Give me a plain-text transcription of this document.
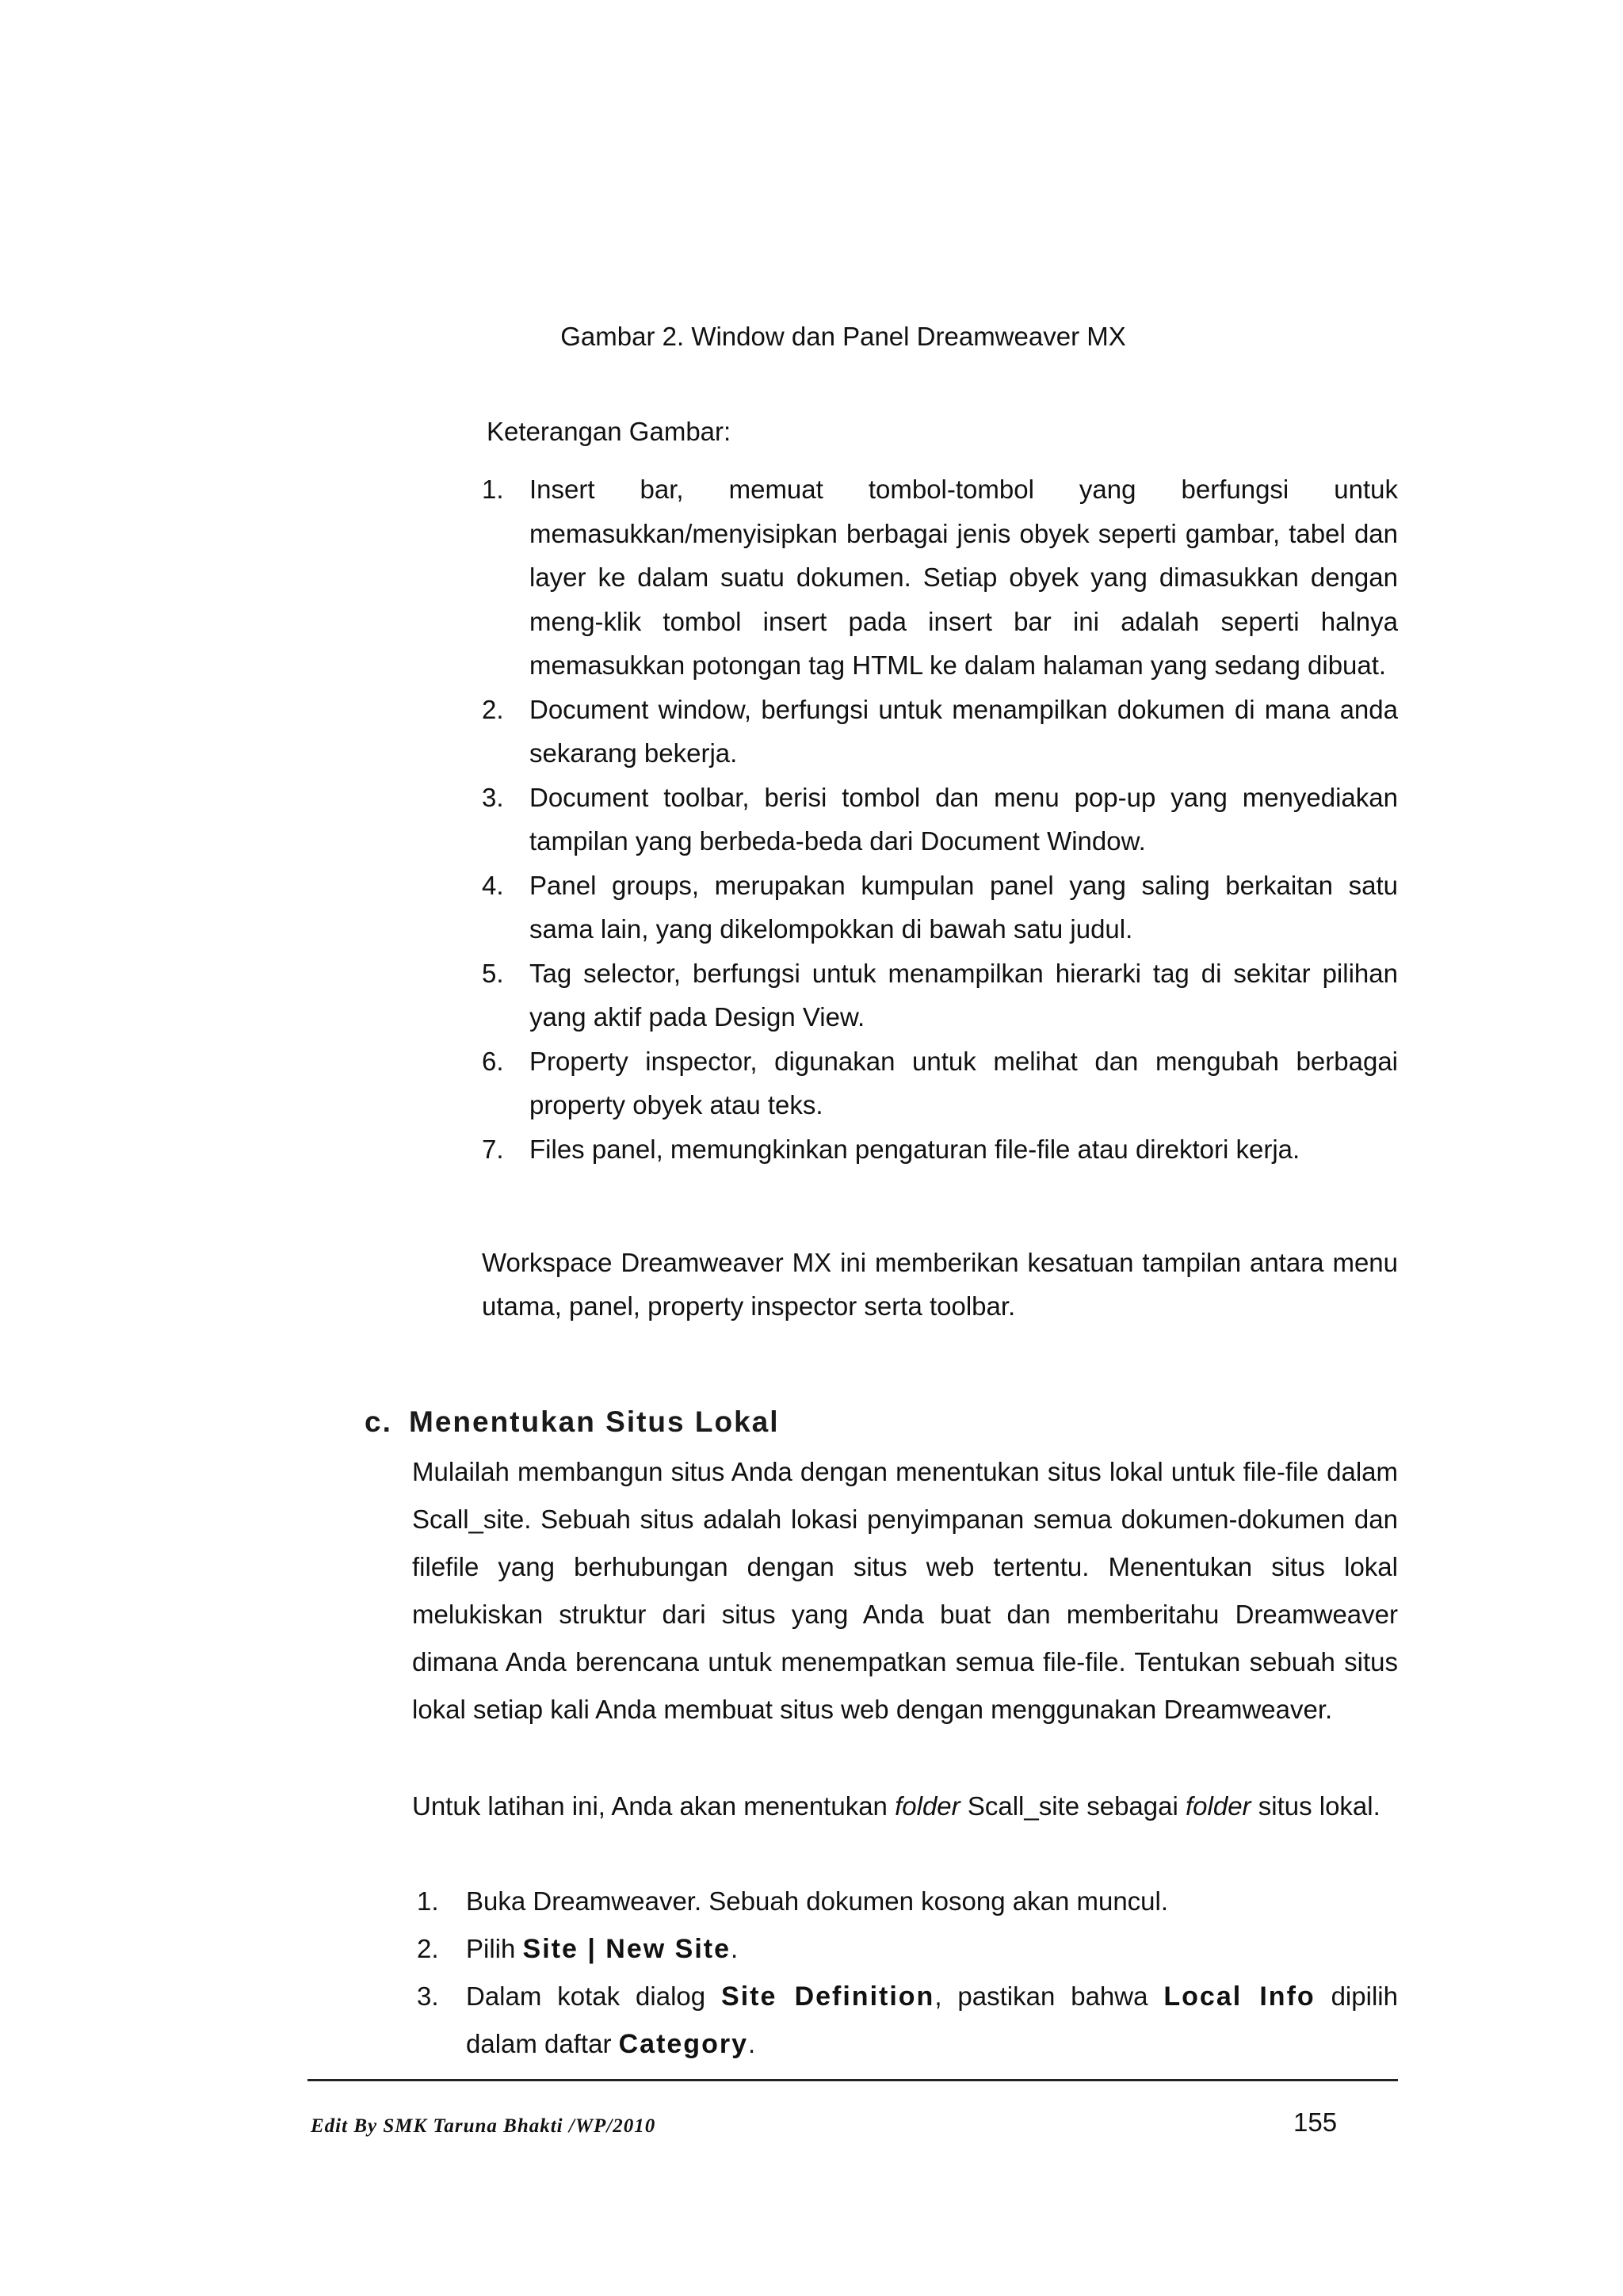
Gambar 2. Window dan Panel Dreamweaver MX
Keterangan Gambar:
1. Insert bar, memuat tombol-tombol yang berfungsi untuk memasukkan/menyisipkan berbagai jenis obyek seperti gambar, tabel dan layer ke dalam suatu dokumen. Setiap obyek yang dimasukkan dengan meng-klik tombol insert pada insert bar ini adalah seperti halnya memasukkan potongan tag HTML ke dalam halaman yang sedang dibuat.
2. Document window, berfungsi untuk menampilkan dokumen di mana anda sekarang bekerja.
3. Document toolbar, berisi tombol dan menu pop-up yang menyediakan tampilan yang berbeda-beda dari Document Window.
4. Panel groups, merupakan kumpulan panel yang saling berkaitan satu sama lain, yang dikelompokkan di bawah satu judul.
5. Tag selector, berfungsi untuk menampilkan hierarki tag di sekitar pilihan yang aktif pada Design View.
6. Property inspector, digunakan untuk melihat dan mengubah berbagai property obyek atau teks.
7. Files panel, memungkinkan pengaturan file-file atau direktori kerja.

Workspace Dreamweaver MX ini memberikan kesatuan tampilan antara menu utama, panel, property inspector serta toolbar.

c. Menentukan Situs Lokal

Mulailah membangun situs Anda dengan menentukan situs lokal untuk file-file dalam Scall_site. Sebuah situs adalah lokasi penyimpanan semua dokumen-dokumen dan filefile yang berhubungan dengan situs web tertentu. Menentukan situs lokal melukiskan struktur dari situs yang Anda buat dan memberitahu Dreamweaver dimana Anda berencana untuk menempatkan semua file-file. Tentukan sebuah situs lokal setiap kali Anda membuat situs web dengan menggunakan Dreamweaver.

Untuk latihan ini, Anda akan menentukan folder Scall_site sebagai folder situs lokal.

1. Buka Dreamweaver. Sebuah dokumen kosong akan muncul.
2. Pilih Site | New Site.
3. Dalam kotak dialog Site Definition, pastikan bahwa Local Info dipilih dalam daftar Category.
Edit By SMK Taruna Bhakti /WP/2010	155
